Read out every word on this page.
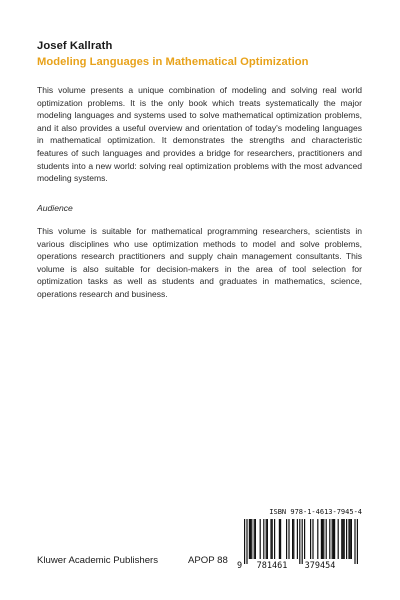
Josef Kallrath
Modeling Languages in Mathematical Optimization

This volume presents a unique combination of modeling and solving real world optimization problems. It is the only book which treats systematically the major modeling languages and systems used to solve mathematical optimization problems, and it also provides a useful overview and orientation of today's modeling languages in mathematical optimization. It demonstrates the strengths and characteristic features of such languages and provides a bridge for researchers, practitioners and students into a new world: solving real optimization problems with the most advanced modeling systems.

Audience

This volume is suitable for mathematical programming researchers, scientists in various disciplines who use optimization methods to model and solve problems, operations research practitioners and supply chain management consultants. This volume is also suitable for decision-makers in the area of tool selection for optimization tasks as well as students and graduates in mathematics, science, operations research and business.

Kluwer Academic Publishers	APOP 88
ISBN 978-1-4613-7945-4
9 781461 379454
